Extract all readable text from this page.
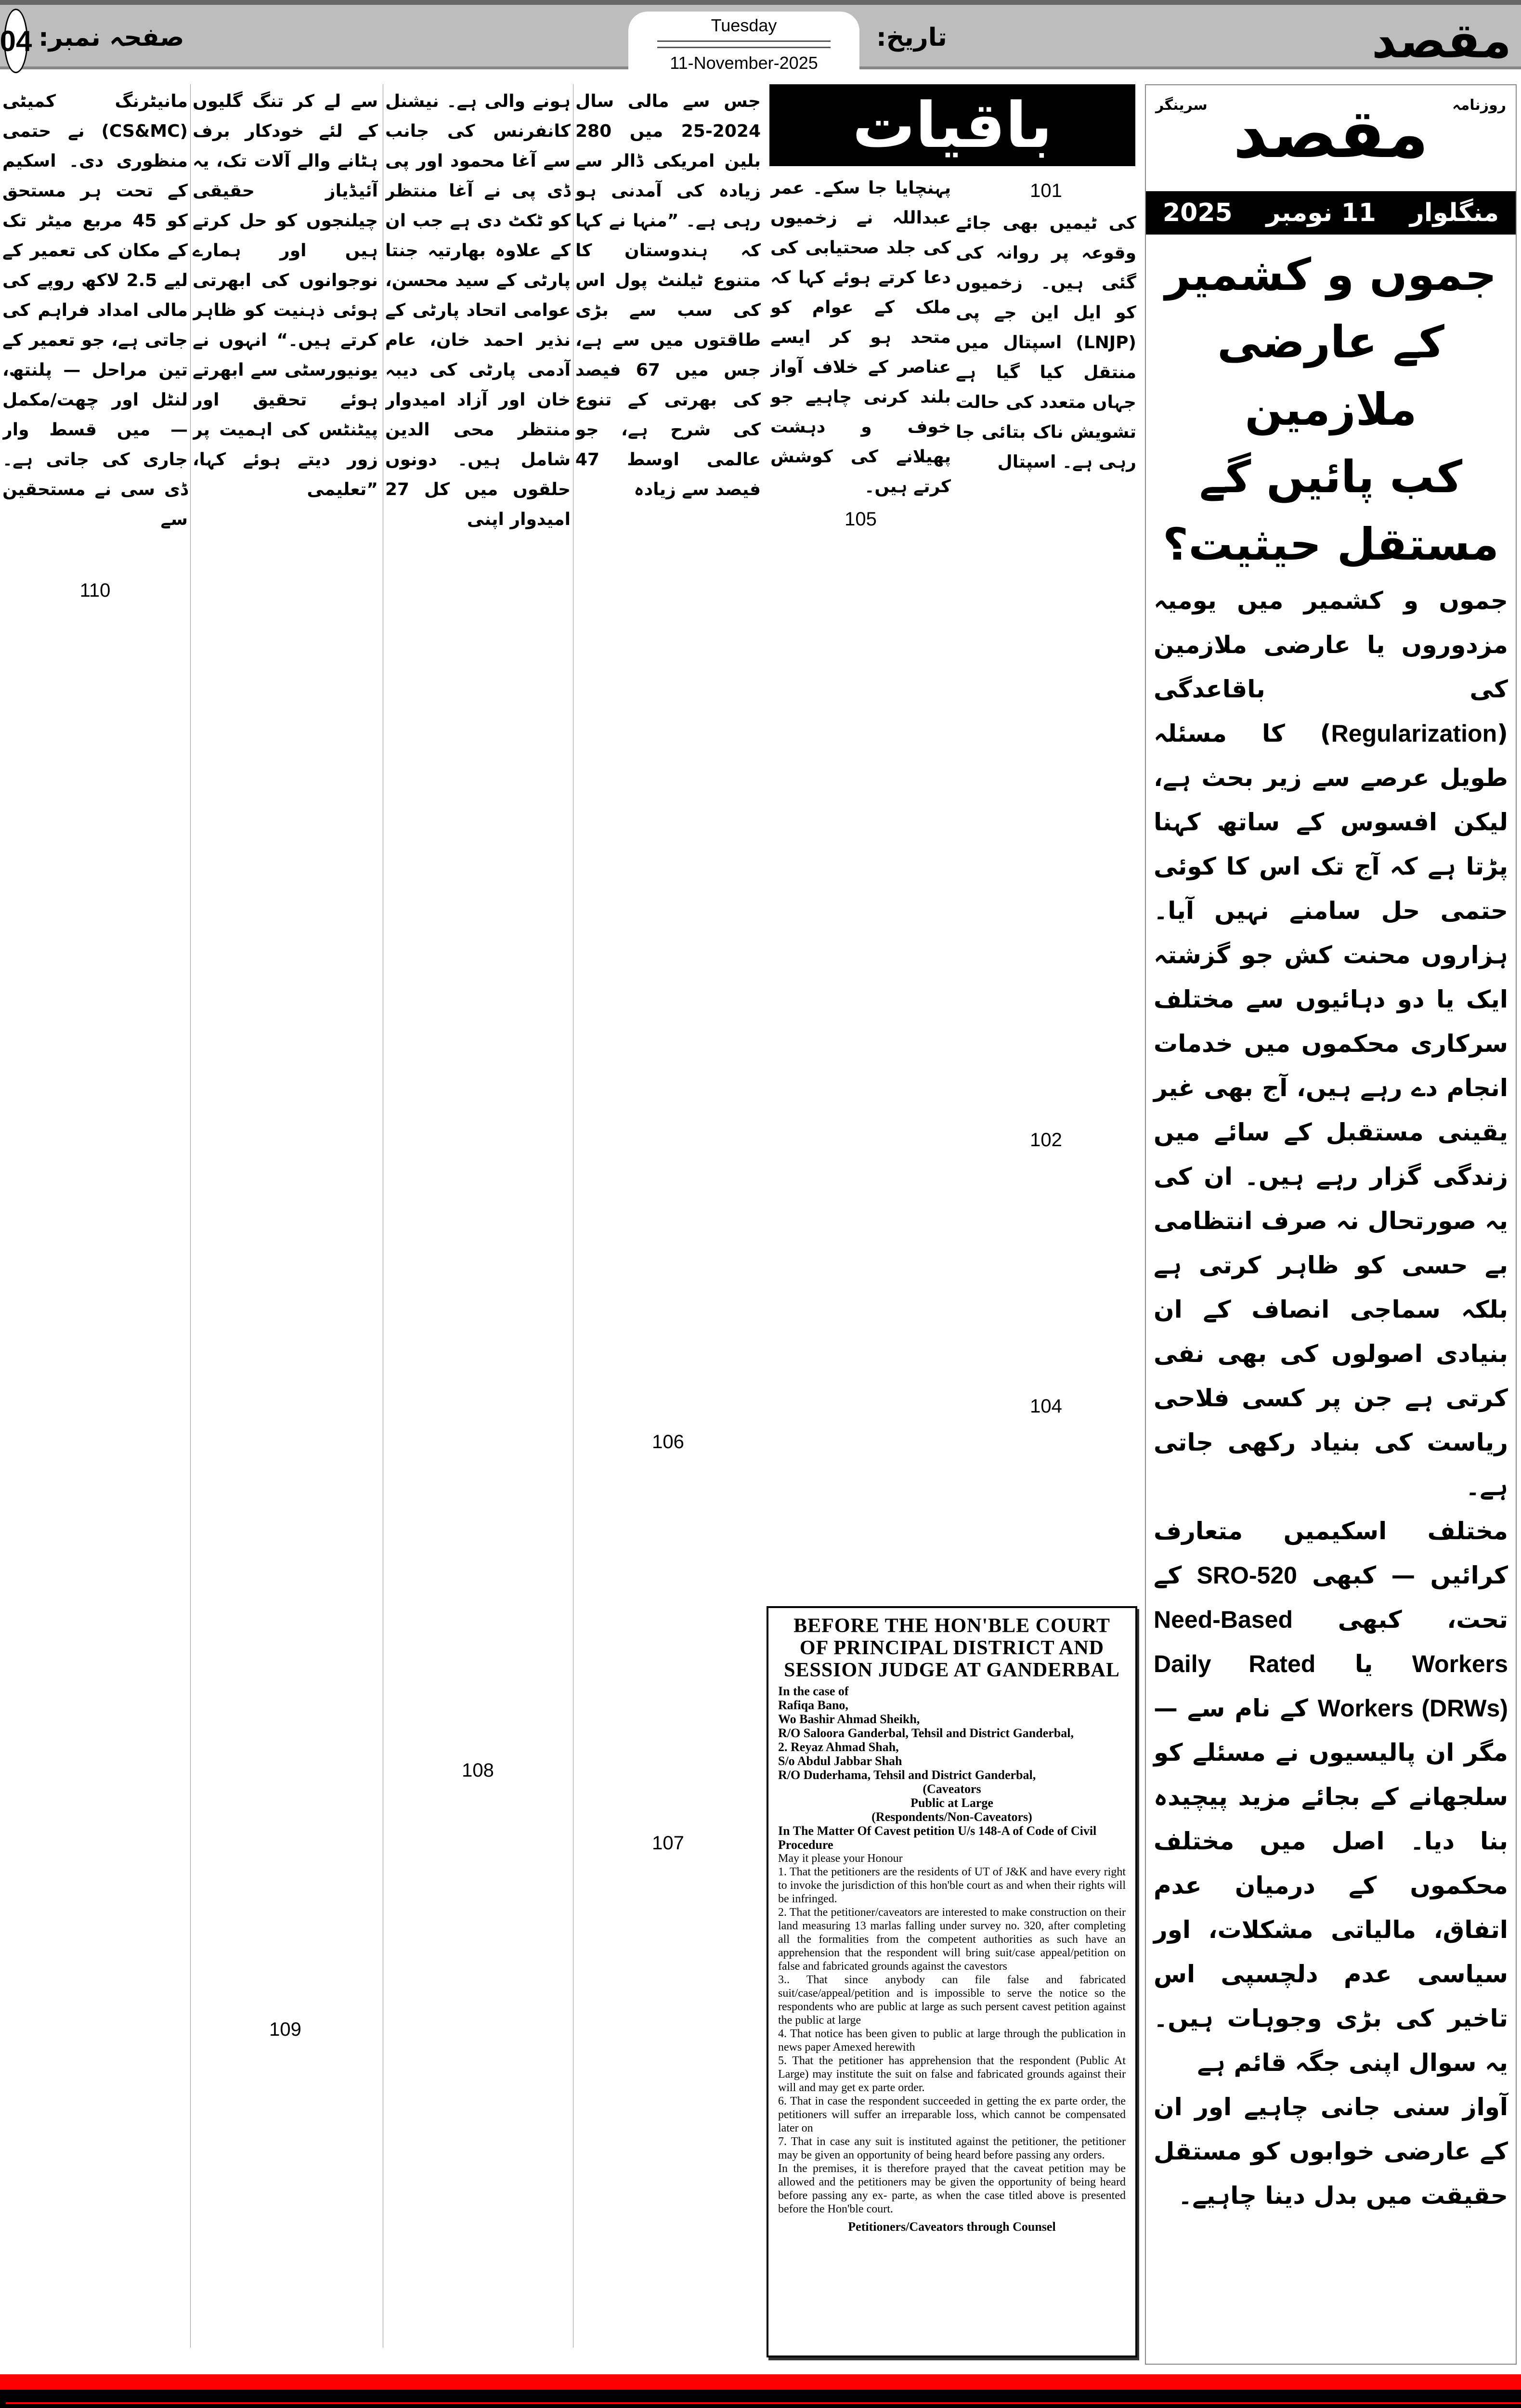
04 صفحہ نمبر:	Tuesday
11-November-2025
تاریخ:	مقصد

جس سے مالی سال 2024-25 میں 280 بلین امریکی ڈالر سے زیادہ کی آمدنی ہو رہی ہے۔ ”منہا نے کہا کہ ہندوستان کا متنوع ٹیلنٹ پول اس کی سب سے بڑی طاقتوں میں سے ہے، جس میں 67 فیصد کی بھرتی کے تنوع کی شرح ہے، جو عالمی اوسط 47 فیصد سے زیادہ

106
107

ہونے والی ہے۔ نیشنل کانفرنس کی جانب سے آغا محمود اور پی ڈی پی نے آغا منتظر کو ٹکٹ دی ہے جب ان کے علاوہ بھارتیہ جنتا پارٹی کے سید محسن، عوامی اتحاد پارٹی کے نذیر احمد خان، عام آدمی پارٹی کی دیبہ خان اور آزاد امیدوار منتظر محی الدین شامل ہیں۔ دونوں حلقوں میں کل 27 امیدوار اپنی

108

سے لے کر تنگ گلیوں کے لئے خودکار برف ہٹانے والے آلات تک، یہ آئیڈیاز حقیقی چیلنجوں کو حل کرتے ہیں اور ہمارے نوجوانوں کی ابھرتی ہوئی ذہنیت کو ظاہر کرتے ہیں۔“ انہوں نے یونیورسٹی سے ابھرتے ہوئے تحقیق اور پیٹنٹس کی اہمیت پر زور دیتے ہوئے کہا، ”تعلیمی

109

مانیٹرنگ کمیٹی (CS&MC) نے حتمی منظوری دی۔ اسکیم کے تحت ہر مستحق کو 45 مربع میٹر تک کے مکان کی تعمیر کے لیے 2.5 لاکھ روپے کی مالی امداد فراہم کی جاتی ہے، جو تعمیر کے تین مراحل — پلنتھ، لنٹل اور چھت/مکمل — میں قسط وار جاری کی جاتی ہے۔ ڈی سی نے مستحقین سے

110
باقیات
101

کی ٹیمیں بھی جائے وقوعہ پر روانہ کی گئی ہیں۔ زخمیوں کو ایل این جے پی (LNJP) اسپتال میں منتقل کیا گیا ہے جہاں متعدد کی حالت تشویش ناک بتائی جا رہی ہے۔ اسپتال

102
104

پہنچایا جا سکے۔ عمر عبداللہ نے زخمیوں کی جلد صحتیابی کی دعا کرتے ہوئے کہا کہ ملک کے عوام کو متحد ہو کر ایسے عناصر کے خلاف آواز بلند کرنی چاہیے جو خوف و دہشت پھیلانے کی کوشش کرتے ہیں۔

105
BEFORE THE HON'BLE COURT OF PRINCIPAL DISTRICT AND SESSION JUDGE AT GANDERBAL
In the case of
Rafiqa Bano,
Wo Bashir Ahmad Sheikh,
R/O Saloora Ganderbal, Tehsil and District Ganderbal,
2. Reyaz Ahmad Shah,
S/o Abdul Jabbar Shah
R/O Duderhama, Tehsil and District Ganderbal,
(Caveators
Public at Large
(Respondents/Non-Caveators)
In The Matter Of Cavest petition U/s 148-A of Code of Civil Procedure

May it please your Honour

1. That the petitioners are the residents of UT of J&K and have every right to invoke the jurisdiction of this hon'ble court as and when their rights will be infringed.

2. That the petitioner/caveators are interested to make construction on their land measuring 13 marlas falling under survey no. 320, after completing all the formalities from the competent authorities as such have an apprehension that the respondent will bring suit/case appeal/petition on false and fabricated grounds against the cavestors

3.. That since anybody can file false and fabricated suit/case/appeal/petition and is impossible to serve the notice so the respondents who are public at large as such persent cavest petition against the public at large

4. That notice has been given to public at large through the publication in news paper Amexed herewith

5. That the petitioner has apprehension that the respondent (Public At Large) may institute the suit on false and fabricated grounds against their will and may get ex parte order.

6. That in case the respondent succeeded in getting the ex parte order, the petitioners will suffer an irreparable loss, which cannot be compensated later on

7. That in case any suit is instituted against the petitioner, the petitioner may be given an opportunity of being heard before passing any orders.

In the premises, it is therefore prayed that the caveat petition may be allowed and the petitioners may be given the opportunity of being heard before passing any ex- parte, as when the case titled above is presented before the Hon'ble court.

Petitioners/Caveators through Counsel
روزنامہ
سرینگر مقصد
منگلوار
11 نومبر
2025
جموں و کشمیر کے عارضی ملازمین
کب پائیں گے مستقل حیثیت؟

جموں و کشمیر میں یومیہ مزدوروں یا عارضی ملازمین کی باقاعدگی (Regularization) کا مسئلہ طویل عرصے سے زیر بحث ہے، لیکن افسوس کے ساتھ کہنا پڑتا ہے کہ آج تک اس کا کوئی حتمی حل سامنے نہیں آیا۔ ہزاروں محنت کش جو گزشتہ ایک یا دو دہائیوں سے مختلف سرکاری محکموں میں خدمات انجام دے رہے ہیں، آج بھی غیر یقینی مستقبل کے سائے میں زندگی گزار رہے ہیں۔ ان کی یہ صورتحال نہ صرف انتظامی بے حسی کو ظاہر کرتی ہے بلکہ سماجی انصاف کے ان بنیادی اصولوں کی بھی نفی کرتی ہے جن پر کسی فلاحی ریاست کی بنیاد رکھی جاتی ہے۔

مختلف اسکیمیں متعارف کرائیں — کبھی SRO-520 کے تحت، کبھی Need-Based Workers یا Daily Rated Workers (DRWs) کے نام سے — مگر ان پالیسیوں نے مسئلے کو سلجھانے کے بجائے مزید پیچیدہ بنا دیا۔ اصل میں مختلف محکموں کے درمیان عدم اتفاق، مالیاتی مشکلات، اور سیاسی عدم دلچسپی اس تاخیر کی بڑی وجوہات ہیں۔ یہ سوال اپنی جگہ قائم ہے

آواز سنی جانی چاہیے اور ان کے عارضی خوابوں کو مستقل حقیقت میں بدل دینا چاہیے۔
